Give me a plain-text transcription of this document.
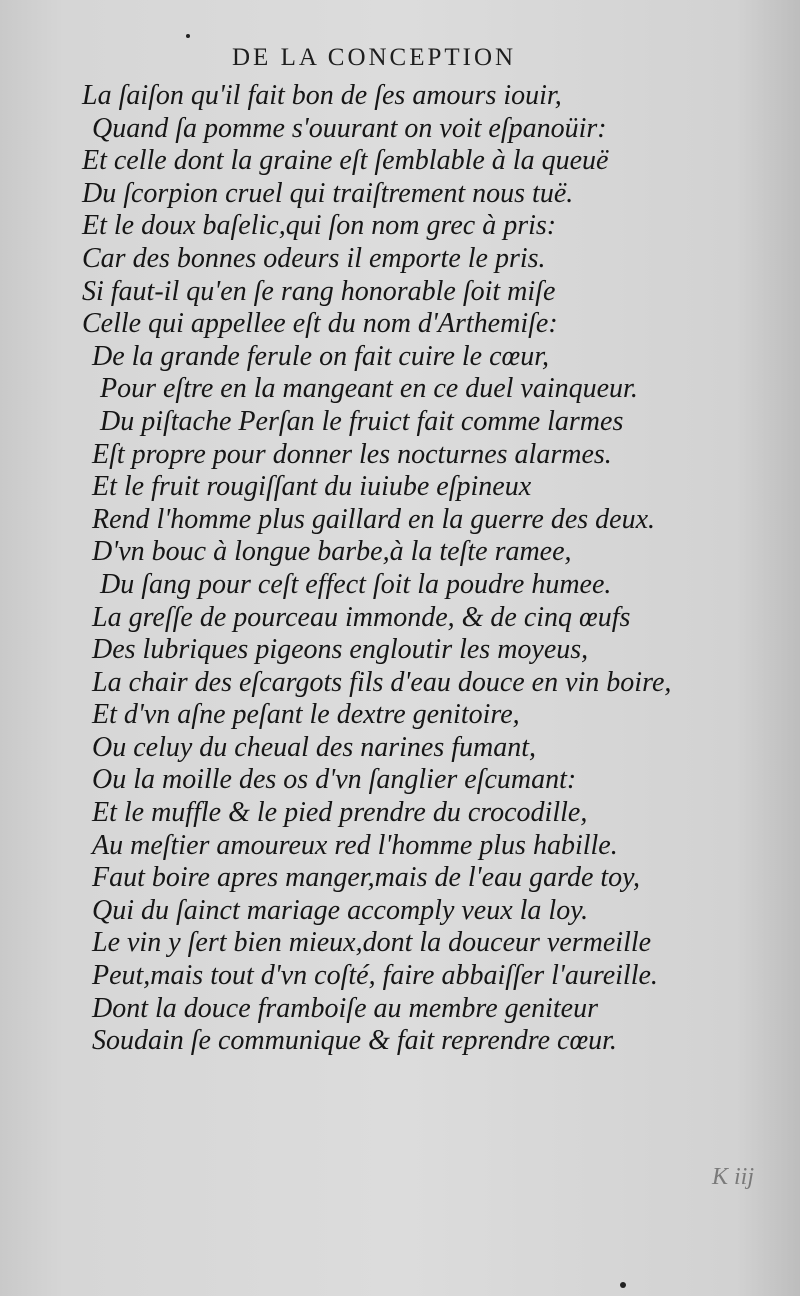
DE LA CONCEPTION
La ſaiſon qu'il fait bon de ſes amours iouir,
Quand ſa pomme s'ouurant on voit eſpanoüir:
Et celle dont la graine eſt ſemblable à la queuë
Du ſcorpion cruel qui traiſtrement nous tuë.
Et le doux baſelic,qui ſon nom grec à pris:
Car des bonnes odeurs il emporte le pris.
Si faut-il qu'en ſe rang honorable ſoit miſe
Celle qui appellee eſt du nom d'Arthemiſe:
De la grande ferule on fait cuire le cœur,
Pour eſtre en la mangeant en ce duel vainqueur.
Du piſtache Perſan le fruict fait comme larmes
Eſt propre pour donner les nocturnes alarmes.
Et le fruit rougiſſant du iuiube eſpineux
Rend l'homme plus gaillard en la guerre des deux.
D'vn bouc à longue barbe,à la teſte ramee,
Du ſang pour ceſt effect ſoit la poudre humee.
La greſſe de pourceau immonde, & de cinq œufs
Des lubriques pigeons engloutir les moyeus,
La chair des eſcargots fils d'eau douce en vin boire,
Et d'vn aſne peſant le dextre genitoire,
Ou celuy du cheual des narines fumant,
Ou la moille des os d'vn ſanglier eſcumant:
Et le muffle & le pied prendre du crocodille,
Au meſtier amoureux red l'homme plus habille.
Faut boire apres manger,mais de l'eau garde toy,
Qui du ſainct mariage accomply veux la loy.
Le vin y ſert bien mieux,dont la douceur vermeille
Peut,mais tout d'vn coſté, faire abbaiſſer l'aureille.
Dont la douce framboiſe au membre geniteur
Soudain ſe communique & fait reprendre cœur.
K iij
